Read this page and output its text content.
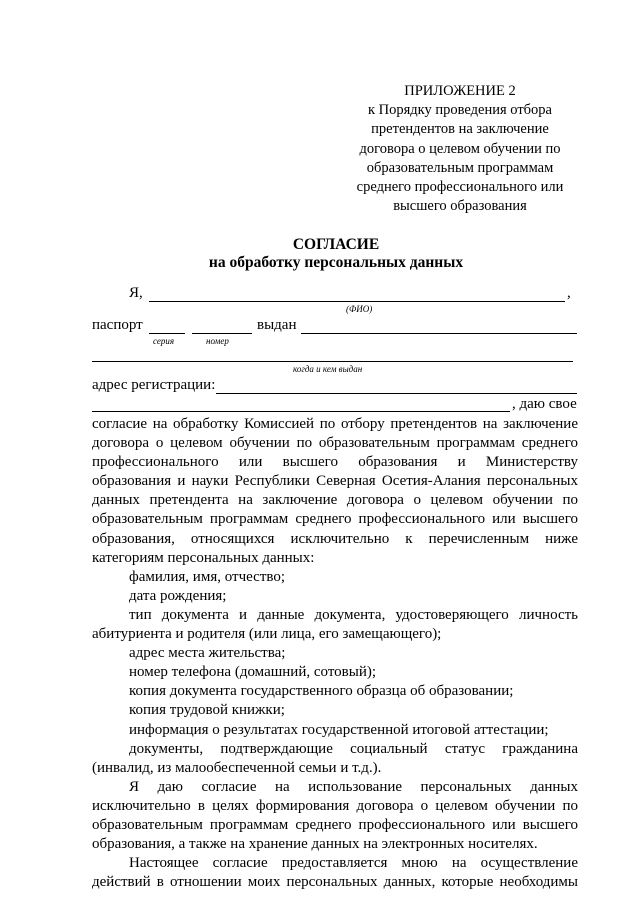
ПРИЛОЖЕНИЕ 2
к Порядку проведения отбора
претендентов на заключение
договора о целевом обучении по
образовательным программам
среднего профессионального или
высшего образования
СОГЛАСИЕ
на обработку персональных данных
Я,	,
(ФИО)
паспорт	выдан
серия	номер
когда и кем выдан
адрес регистрации:
, даю свое

согласие на обработку Комиссией по отбору претендентов на заключение договора о целевом обучении по образовательным программам среднего профессионального или высшего образования и Министерству образования и науки Республики Северная Осетия-Алания персональных данных претендента на заключение договора о целевом обучении по образовательным программам среднего профессионального или высшего образования, относящихся исключительно к перечисленным ниже

категориям персональных данных:

фамилия, имя, отчество;

дата рождения;

тип документа и данные документа, удостоверяющего личность абитуриента и родителя (или лица, его замещающего);

адрес места жительства;

номер телефона (домашний, сотовый);

копия документа государственного образца об образовании;

копия трудовой книжки;

информация о результатах государственной итоговой аттестации;

документы, подтверждающие социальный статус гражданина (инвалид, из малообеспеченной семьи и т.д.).

Я даю согласие на использование персональных данных исключительно в целях формирования договора о целевом обучении по образовательным программам среднего профессионального или высшего образования, а также на хранение данных на электронных носителях.

Настоящее согласие предоставляется мною на осуществление действий в отношении моих персональных данных, которые необходимы
